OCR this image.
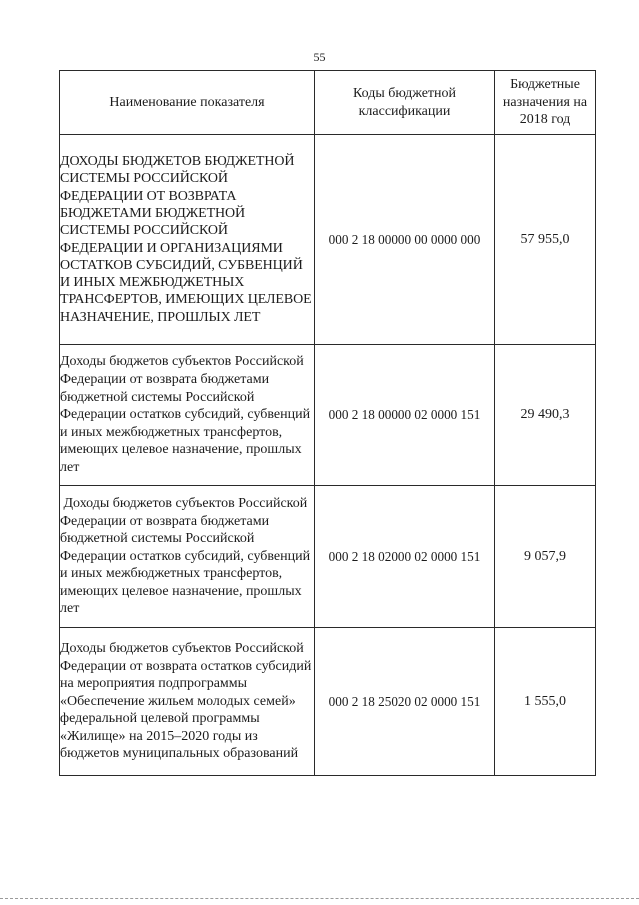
55
Наименование показателя	Коды бюджетной классификации	Бюджетные назначения на 2018 год
ДОХОДЫ БЮДЖЕТОВ БЮДЖЕТНОЙ СИСТЕМЫ РОССИЙСКОЙ ФЕДЕРАЦИИ ОТ ВОЗВРАТА БЮДЖЕТАМИ БЮДЖЕТНОЙ СИСТЕМЫ РОССИЙСКОЙ ФЕДЕРАЦИИ И ОРГАНИЗАЦИЯМИ ОСТАТКОВ СУБСИДИЙ, СУБВЕНЦИЙ И ИНЫХ МЕЖБЮДЖЕТНЫХ ТРАНСФЕРТОВ, ИМЕЮЩИХ ЦЕЛЕВОЕ НАЗНАЧЕНИЕ, ПРОШЛЫХ ЛЕТ	000 2 18 00000 00 0000 000	57 955,0
Доходы бюджетов субъектов Российской Федерации от возврата бюджетами бюджетной системы Российской Федерации остатков субсидий, субвенций и иных межбюджетных трансфертов, имеющих целевое назначение, прошлых лет	000 2 18 00000 02 0000 151	29 490,3
Доходы бюджетов субъектов Российской Федерации от возврата бюджетами бюджетной системы Российской Федерации остатков субсидий, субвенций и иных межбюджетных трансфертов, имеющих целевое назначение, прошлых лет	000 2 18 02000 02 0000 151	9 057,9
Доходы бюджетов субъектов Российской Федерации от возврата остатков субсидий на мероприятия подпрограммы «Обеспечение жильем молодых семей» федеральной целевой программы «Жилище» на 2015–2020 годы из бюджетов муниципальных образований	000 2 18 25020 02 0000 151	1 555,0
